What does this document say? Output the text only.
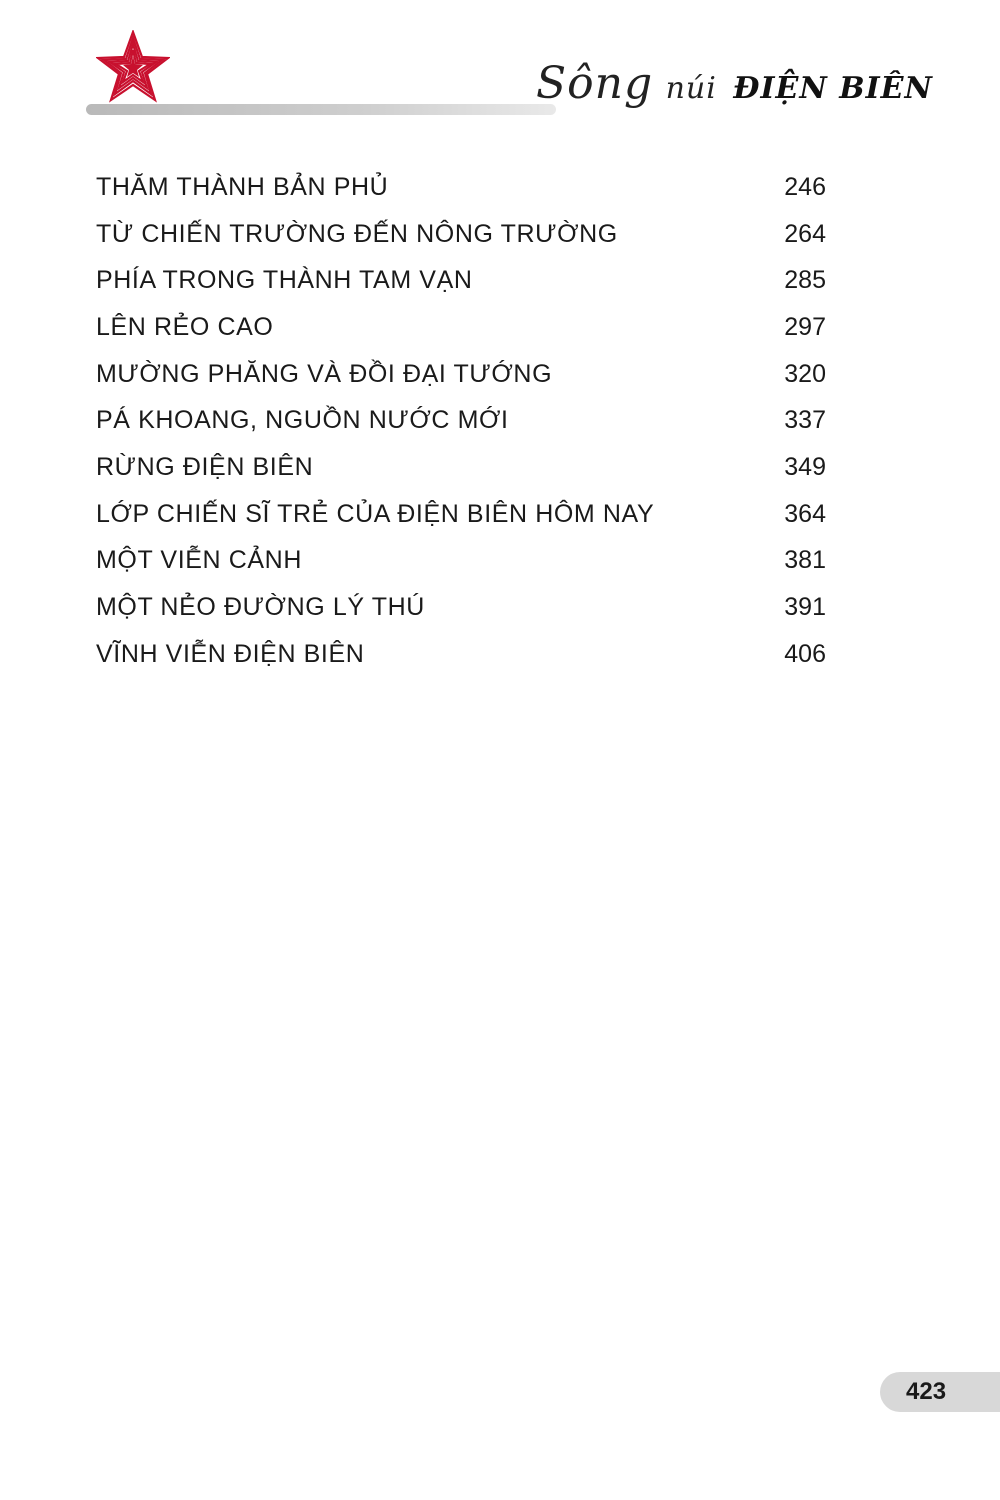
Sông núi ĐIỆN BIÊN
THĂM THÀNH BẢN PHỦ	246
TỪ CHIẾN TRƯỜNG ĐẾN NÔNG TRƯỜNG	264
PHÍA TRONG THÀNH TAM VẠN	285
LÊN RẺO CAO	297
MƯỜNG PHĂNG VÀ ĐỒI ĐẠI TƯỚNG	320
PÁ KHOANG, NGUỒN NƯỚC MỚI	337
RỪNG ĐIỆN BIÊN	349
LỚP CHIẾN SĨ TRẺ CỦA ĐIỆN BIÊN HÔM NAY	364
MỘT VIỄN CẢNH	381
MỘT NẺO ĐƯỜNG LÝ THÚ	391
VĨNH VIỄN ĐIỆN BIÊN	406
423
